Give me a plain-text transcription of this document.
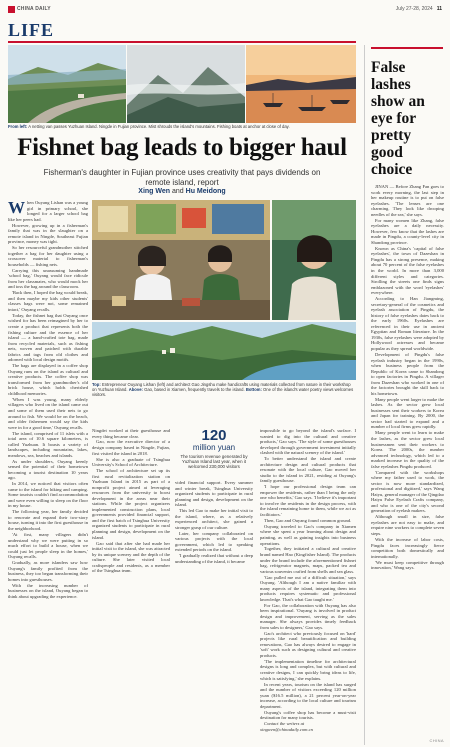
CHINA DAILY	July 27-28, 2024 11
LIFE
From left: A netting van passes Yuzhuan Island. Ningde in Fujian province. Mist shrouds the island's mountains. Fishing boats at anchor at close of day.
Fishnet bag leads to bigger haul
Fisherman's daughter in Fujian province uses creativity that pays dividends on remote island, report
Xing Wen and Hu Meidong

When Ouyang Lishan was a young girl in primary school, she longed for a larger school bag like her peers had.

However, growing up in a fisherman's family that was in the slaughter on a remote island in Ningde, Southeast Fujian province, money was tight.

So her resourceful grandmother stitched together a bag for her daughter using a crossover material to fisherman's households — fishing nets.

Carrying this unassuming handmade 'school bag,' Ouyang would face ridicule from her classmates, who would mock her and toss the bag around the classroom.

'Back then, I hoped the bag would break, and then maybe my kids other students' classes bags were not, some remained intact,' Ouyang recalls.

Today, the fishnet bag that Ouyang once wished for has been reimagined by her to create a product that represents both the fishing culture and the essence of her island — a hand-crafted tote bag, made from recycled materials, such as fishing nets, woven and patched with durable fabrics and tags from old clothes and adorned with local design motifs.

The bags are displayed in a coffee shop Ouyang runs on the island as cultural and creative products. The coffee shop was transformed from her grandmother's old brick house, which holds cherished childhood memories.

'When I was young, many elderly villagers who lived on the island came out and some of them used their nets to go around to fish. We would be on the beach, and older fishermen would say the kids were in for a good time,' Ouyang recalls.

The island, comprised of 11 islets with a total area of 10.6 square kilometers, is called Yuzhuan. It boasts a variety of landscapes, including mountains, lakes, meadows, sea, beaches and islands.

As under shoulders, Ouyang keenly sensed the potential of their hometown becoming a tourist destination 10 years ago.

In 2014, we noticed that visitors often came to the island for hiking and camping. Some tourists couldn't find accommodation and were even willing to sleep on the floor in my house.

The following year, her family decided to renovate and expand their two-story house, turning it into the first guesthouse in the neighborhood.

'At first, many villagers didn't understand why we were putting in so much effort to build a house, when we could just let people sleep in the homes,' Ouyang recalls.

Gradually, as more islanders saw how Ouyang's family profited from the business, they too began transforming their homes into guesthouses.

With the increasing number of businesses on the island, Ouyang began to think about upgrading the experience.

Top: Entrepreneur Ouyang Lishan (left) and architect Gao Jingshu make handicrafts using materials collected from nature in their workshop on Yuzhuan Island. Above: Gao, based in Xiamen, frequently travels to the island. Bottom: One of the island's water poetry views welcomes visitors.

Ningdei worked at their guesthouse and every thing became clear.

Gao, now the executive director of a design company based in Ningde, Fujian, first visited the island in 2018.

She is also a graduate of Tsinghua University's School of Architecture.

The school of architecture set up its first rural revitalization station on Yuzhuan Island in 2015 as part of a nonprofit project aimed at leveraging resources from the university to boost development in the areas near their stations. While the project organizers implemented construction plans, local governments provided financial support, and the first batch of Tsinghua University organized students to participate in rural planning and design, development on the island.

Gao said that after she had made her initial visit to the island, she was attracted by its unique scenery and the depth of the culture. She later visited local craftspeople and residents, as a member of the Tsinghua team.

120
million yuan
The tourism revenue generated by Yuzhuan Island last year, when it welcomed 230,000 visitors

vided financial support. Every summer and winter break, Tsinghua University organized students to participate in rural planning and design, development on the island.

This led Gao to make her initial visit to the island, where, as a relatively experienced architect, she gained a stronger grasp of our culture.

Later, her company collaborated on various projects with the local government, which led to speaking extended periods on the island.

'I gradually realized that without a deep understanding of the island, it became

impossible to go beyond the island's surface. I wanted to dig into the cultural and creative products,' Gao says. 'The style of some guesthouses developed through government investment initially clashed with the natural scenery of the island.'

To better understand the island and create architecture design and cultural products that resonate with the local culture, Gao moved her studio to the island in 2021, residing at Ouyang's family guesthouse.

'I hope our professional design team can empower the residents, rather than I being the only one who benefits,' Gao says. 'I believe it's important to involve the residents in the design process, with the island remaining home to them, while we act as facilitators.'

Then, Gao and Ouyang found common ground.

Ouyang traveled to Gao's company in Xiamen where she spent a year learning about design and painting, as well as gaining insights into business operations.

Together, they initiated a cultural and creative brand named Hao (Kingfisher Island). The products under the brand include the aforementioned fishnet bag, refrigerator magnets, maps, packed tea and various souvenirs crafted from shells and sea glass.

'Gao pulled me out of a difficult situation,' says Ouyang. 'Although I am a native familiar with many aspects of the island, integrating them into products requires systematic and professional knowledge. That's what Gao taught me.'

For Gao, the collaboration with Ouyang has also been inspirational. 'Ouyang is involved in product design and improvement, serving as the sales manager. She always provides timely feedback from sales to designers,' Gao says.

Gao's architect who previously focused on 'hard' projects like rural beautification and building renovations, Gao has always desired to engage in 'soft' work such as designing cultural and creative products.

'The implementation timeline for architectural designs is long and complex, but with cultural and creative designs, I can quickly bring ideas to life, which is satisfying,' she explains.

In recent years, tourism on the island has surged and the number of visitors exceeding 120 million yuan ($16.5 million), a 21 percent year-on-year increase, according to the local culture and tourism department.

Ouyang's coffee shop has become a must-visit destination for many tourists.

Contact the writers at

xingwen@chinadaily.com.cn

False lashes show an eye for pretty good choice

JINAN — Before Zhang Fan goes to work every morning, the last step in her makeup routine is to put on false eyelashes. 'The lenses are one charming. They look like drooping needles of the sea,' she says.

For many women like Zhang, false eyelashes are a daily necessity. However, few know that the lashes are made in Pingdu, a county-level city in Shandong province.

Known as China's 'capital of false eyelashes', the town of Dazeshan in Pingdu has a strong presence, making about 70 percent of the false eyelashes in the world. In more than 3,000 different styles and categories. Strolling the streets one finds signs emblazoned with the word 'eyelashes' everywhere.

According to Han Jiangming, secretary-general of the cosmetics and eyelash association of Pingdu, the history of false eyelashes dates back to the early 1960s. Eyelashes are referenced in their use in ancient Egyptian and Roman literature. In the 1930s, false eyelashes were adopted by Hollywood actresses and became popular as they spread worldwide.

Development of Pingdu's false eyelash industry began in the 1990s, when business people from the Republic of Korea came to Shandong to open factories in Pingdu. A villager from Dazeshan who worked in one of the factories brought the skill back to his hometown.

Many people went larger to make the lashes. As the sector grew local businesses sent their workers to Korea and Japan for training. By 2000, the sector had started to expand and a number of local firms grew rapidly.

Many people went to learn to make the lashes, as the sector grew local businessmen sent their workers to Korea. The 2000s, the number advanced technology, which led to a marked increase in the quality of the false eyelashes Pingdu produced.

'Compared with the workshops where my father used to work, the sector is now more standardized, professional and digitized,' says Wang Haiyu, general manager of the Qingdao Haiyu False Eyelash Crafts company, and who is one of the city's second generation of eyelash makers.

Although small in size, false eyelashes are not easy to make, and require nine workers to complete seven steps.

With the increase of labor costs, Pingdu faces increasingly fierce competition both domestically and internationally.

'We must keep competitive through innovation,' Wang says.

CHINA
